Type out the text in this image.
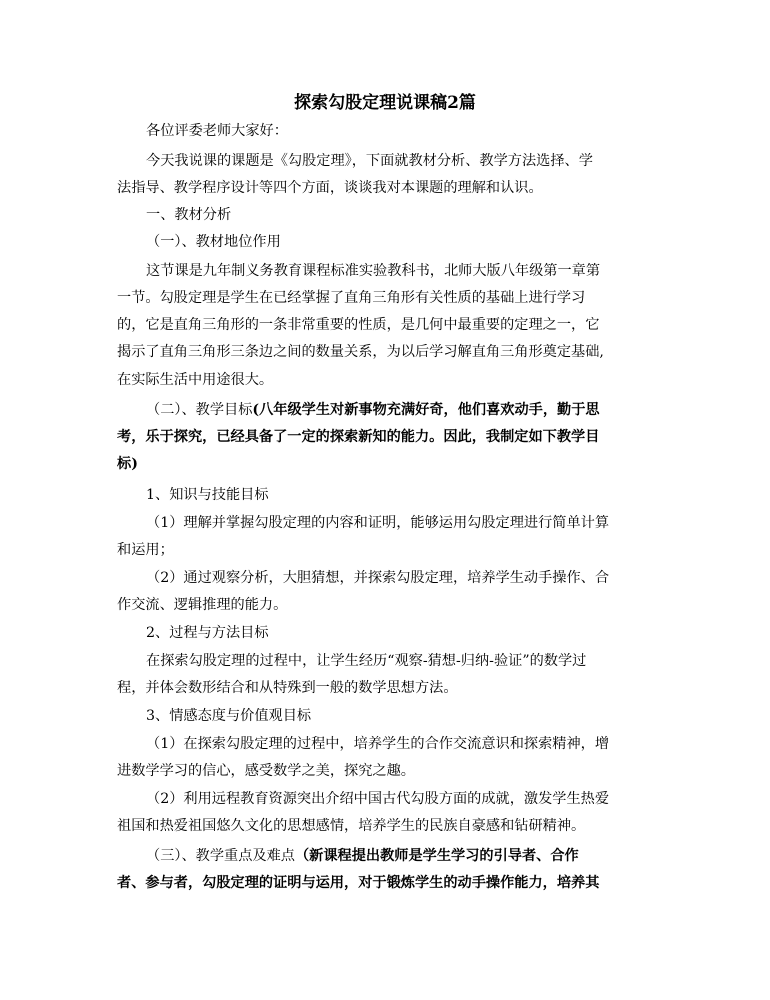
探索勾股定理说课稿2篇

各位评委老师大家好：

今天我说课的课题是《勾股定理》，下面就教材分析、教学方法选择、学

法指导、教学程序设计等四个方面，谈谈我对本课题的理解和认识。

一、教材分析

（一）、教材地位作用

这节课是九年制义务教育课程标准实验教科书，北师大版八年级第一章第

一节。勾股定理是学生在已经掌握了直角三角形有关性质的基础上进行学习

的，它是直角三角形的一条非常重要的性质，是几何中最重要的定理之一，它

揭示了直角三角形三条边之间的数量关系，为以后学习解直角三角形奠定基础,

在实际生活中用途很大。

（二）、教学目标(八年级学生对新事物充满好奇，他们喜欢动手，勤于思

考，乐于探究，已经具备了一定的探索新知的能力。因此，我制定如下教学目

标)

1、知识与技能目标

（1）理解并掌握勾股定理的内容和证明，能够运用勾股定理进行简单计算

和运用；

（2）通过观察分析，大胆猜想，并探索勾股定理，培养学生动手操作、合

作交流、逻辑推理的能力。

2、过程与方法目标

在探索勾股定理的过程中，让学生经历“观察-猜想-归纳-验证”的数学过

程，并体会数形结合和从特殊到一般的数学思想方法。

3、情感态度与价值观目标

（1）在探索勾股定理的过程中，培养学生的合作交流意识和探索精神，增

进数学学习的信心，感受数学之美，探究之趣。

（2）利用远程教育资源突出介绍中国古代勾股方面的成就，激发学生热爱

祖国和热爱祖国悠久文化的思想感情，培养学生的民族自豪感和钻研精神。

（三）、教学重点及难点（新课程提出教师是学生学习的引导者、合作

者、参与者，勾股定理的证明与运用，对于锻炼学生的动手操作能力，培养其
